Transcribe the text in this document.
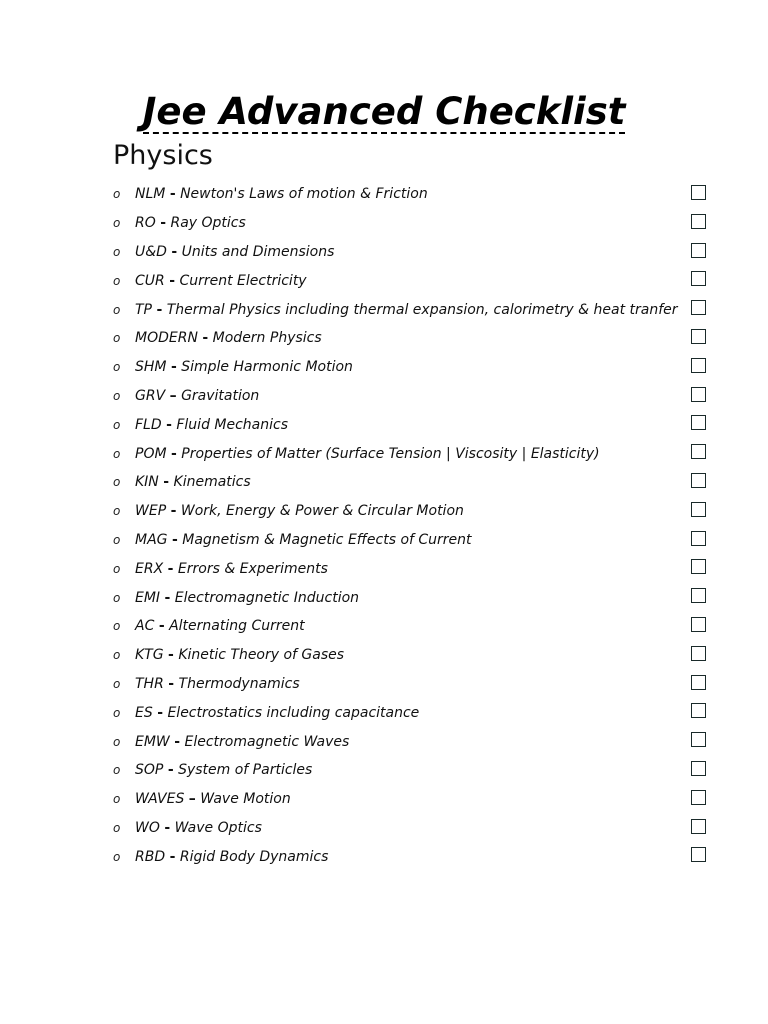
Jee Advanced Checklist
Physics
o	NLM - Newton's Laws of motion & Friction
o	RO - Ray Optics
o	U&D - Units and Dimensions
o	CUR - Current Electricity
o	TP - Thermal Physics including thermal expansion, calorimetry & heat tranfer
o	MODERN - Modern Physics
o	SHM - Simple Harmonic Motion
o	GRV – Gravitation
o	FLD - Fluid Mechanics
o	POM - Properties of Matter (Surface Tension | Viscosity | Elasticity)
o	KIN - Kinematics
o	WEP - Work, Energy & Power & Circular Motion
o	MAG - Magnetism & Magnetic Effects of Current
o	ERX - Errors & Experiments
o	EMI - Electromagnetic Induction
o	AC - Alternating Current
o	KTG - Kinetic Theory of Gases
o	THR - Thermodynamics
o	ES - Electrostatics including capacitance
o	EMW - Electromagnetic Waves
o	SOP - System of Particles
o	WAVES – Wave Motion
o	WO - Wave Optics
o	RBD - Rigid Body Dynamics
